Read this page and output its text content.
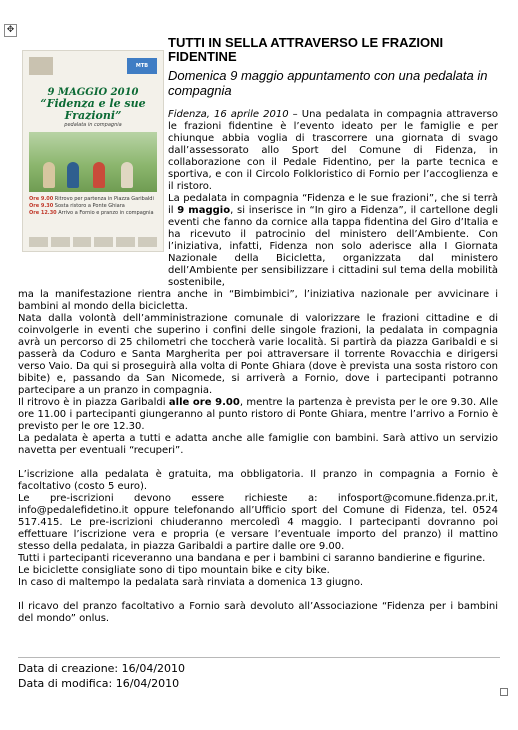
✥
MTB
9 MAGGIO 2010
“Fidenza e le sue Frazioni”
pedalata in compagnia
Ore 9.00 Ritrovo per partenza in Piazza Garibaldi
Ore 9.30 Sosta ristoro a Ponte Ghiara
Ore 12.30 Arrivo a Fornio e pranzo in compagnia
TUTTI IN SELLA ATTRAVERSO LE FRAZIONI FIDENTINE
Domenica 9 maggio appuntamento con una pedalata in compagnia

Fidenza, 16 aprile 2010 – Una pedalata in compagnia attraverso le frazioni fidentine è l’evento ideato per le famiglie e per chiunque abbia voglia di trascorrere una giornata di svago dall’assessorato allo Sport del Comune di Fidenza, in collaborazione con il Pedale Fidentino, per la parte tecnica e sportiva, e con il Circolo Folkloristico di Fornio per l’accoglienza e il ristoro.

La pedalata in compagnia “Fidenza e le sue frazioni”, che si terrà il 9 maggio, si inserisce in “In giro a Fidenza”, il cartellone degli eventi che fanno da cornice alla tappa fidentina del Giro d’Italia e ha ricevuto il patrocinio del ministero dell’Ambiente. Con l’iniziativa, infatti, Fidenza non solo aderisce alla I Giornata Nazionale della Bicicletta, organizzata dal ministero dell’Ambiente per sensibilizzare i cittadini sul tema della mobilità sostenibile,

ma la manifestazione rientra anche in “Bimbimbici”, l’iniziativa nazionale per avvicinare i bambini al mondo della bicicletta.

Nata dalla volontà dell’amministrazione comunale di valorizzare le frazioni cittadine e di coinvolgerle in eventi che superino i confini delle singole frazioni, la pedalata in compagnia avrà un percorso di 25 chilometri che toccherà varie località. Si partirà da piazza Garibaldi e si passerà da Coduro e Santa Margherita per poi attraversare il torrente Rovacchia e dirigersi verso Vaio. Da qui si proseguirà alla volta di Ponte Ghiara (dove è prevista una sosta ristoro con bibite) e, passando da San Nicomede, si arriverà a Fornio, dove i partecipanti potranno partecipare a un pranzo in compagnia.

Il ritrovo è in piazza Garibaldi alle ore 9.00, mentre la partenza è prevista per le ore 9.30. Alle ore 11.00 i partecipanti giungeranno al punto ristoro di Ponte Ghiara, mentre l’arrivo a Fornio è previsto per le ore 12.30.

La pedalata è aperta a tutti e adatta anche alle famiglie con bambini. Sarà attivo un servizio navetta per eventuali “recuperi”.

L’iscrizione alla pedalata è gratuita, ma obbligatoria. Il pranzo in compagnia a Fornio è facoltativo (costo 5 euro).

Le pre-iscrizioni devono essere richieste a: infosport@comune.fidenza.pr.it, info@pedalefidetino.it oppure telefonando all’Ufficio sport del Comune di Fidenza, tel. 0524 517.415. Le pre-iscrizioni chiuderanno mercoledì 4 maggio. I partecipanti dovranno poi effettuare l’iscrizione vera e propria (e versare l’eventuale importo del pranzo) il mattino stesso della pedalata, in piazza Garibaldi a partire dalle ore 9.00.

Tutti i partecipanti riceveranno una bandana e per i bambini ci saranno bandierine e figurine.

Le biciclette consigliate sono di tipo mountain bike e city bike.

In caso di maltempo la pedalata sarà rinviata a domenica 13 giugno.

Il ricavo del pranzo facoltativo a Fornio sarà devoluto all’Associazione “Fidenza per i bambini del mondo” onlus.

Data di creazione: 16/04/2010
Data di modifica: 16/04/2010
